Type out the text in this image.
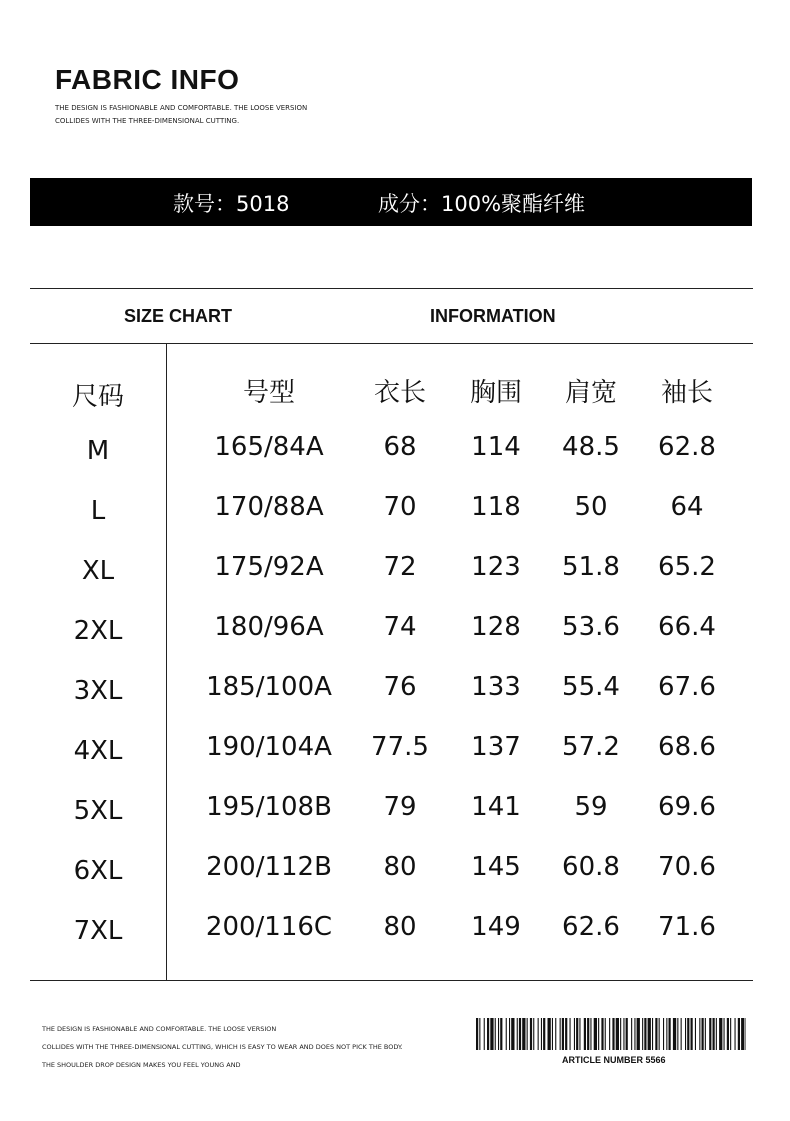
FABRIC INFO
THE DESIGN IS FASHIONABLE AND COMFORTABLE. THE LOOSE VERSION
COLLIDES WITH THE THREE-DIMENSIONAL CUTTING.
款号：5018	成分：100%聚酯纤维
SIZE CHART	INFORMATION
尺码	号型	衣长 胸围 肩宽 袖长
M	165/84A 68 114 48.5 62.8
L	170/88A 70 118 50 64
XL	175/92A 72 123 51.8 65.2
2XL	180/96A 74 128 53.6 66.4
3XL	185/100A 76 133 55.4 67.6
4XL	190/104A 77.5 137 57.2 68.6
5XL	195/108B 79 141 59 69.6
6XL	200/112B 80 145 60.8 70.6
7XL	200/116C 80 149 62.6 71.6
THE DESIGN IS FASHIONABLE AND COMFORTABLE. THE LOOSE VERSION
COLLIDES WITH THE THREE-DIMENSIONAL CUTTING, WHICH IS EASY TO WEAR AND DOES NOT PICK THE BODY.
THE SHOULDER DROP DESIGN MAKES YOU FEEL YOUNG AND	ARTICLE NUMBER 5566
